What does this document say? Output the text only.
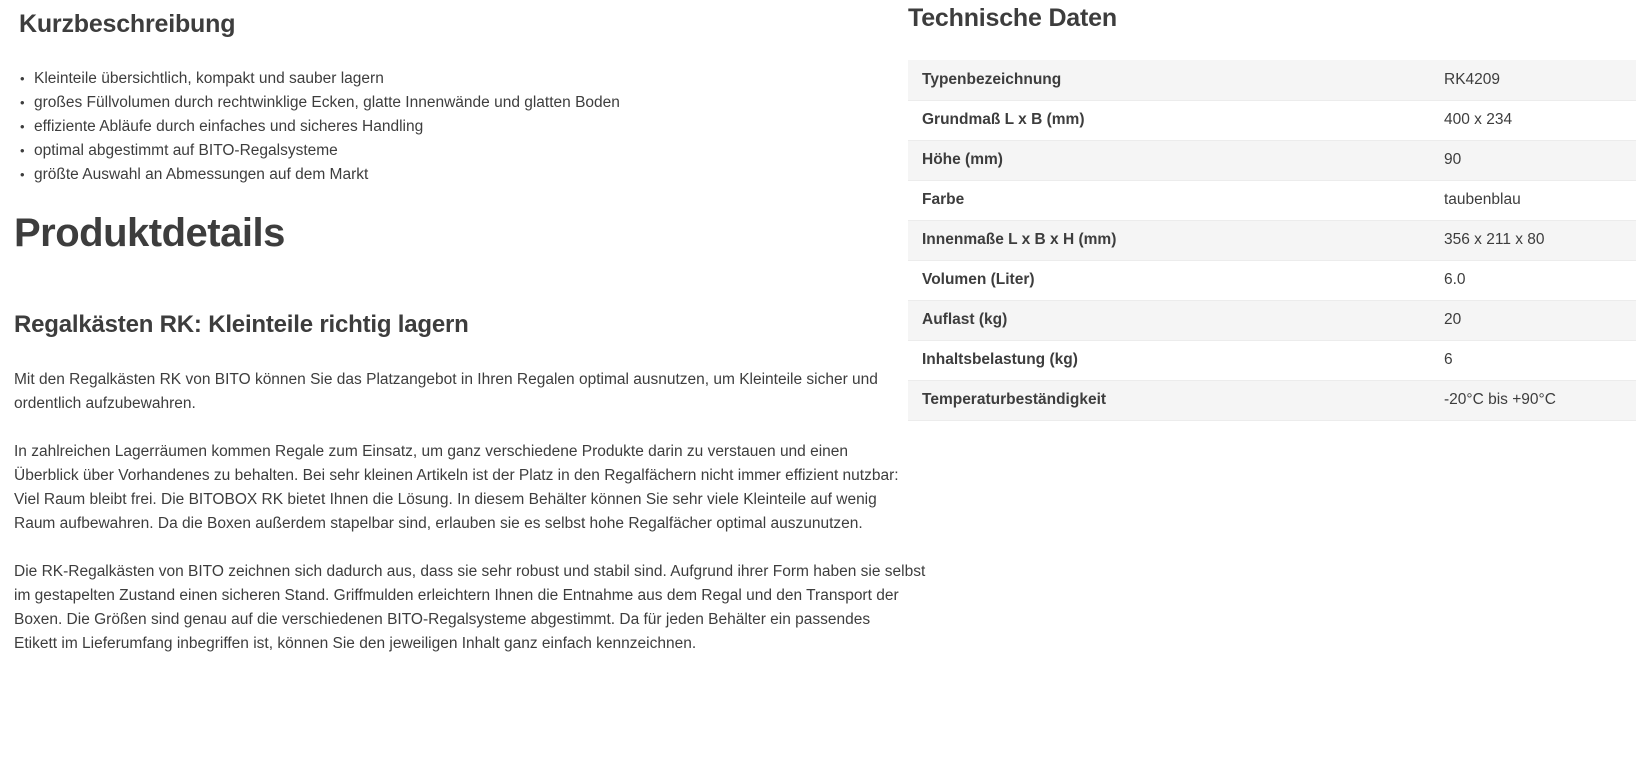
Kurzbeschreibung
• Kleinteile übersichtlich, kompakt und sauber lagern
• großes Füllvolumen durch rechtwinklige Ecken, glatte Innenwände und glatten Boden
• effiziente Abläufe durch einfaches und sicheres Handling
• optimal abgestimmt auf BITO-Regalsysteme
• größte Auswahl an Abmessungen auf dem Markt
Produktdetails
Regalkästen RK: Kleinteile richtig lagern

Mit den Regalkästen RK von BITO können Sie das Platzangebot in Ihren Regalen optimal ausnutzen, um Kleinteile sicher und
ordentlich aufzubewahren.

In zahlreichen Lagerräumen kommen Regale zum Einsatz, um ganz verschiedene Produkte darin zu verstauen und einen
Überblick über Vorhandenes zu behalten. Bei sehr kleinen Artikeln ist der Platz in den Regalfächern nicht immer effizient nutzbar:
Viel Raum bleibt frei. Die BITOBOX RK bietet Ihnen die Lösung. In diesem Behälter können Sie sehr viele Kleinteile auf wenig
Raum aufbewahren. Da die Boxen außerdem stapelbar sind, erlauben sie es selbst hohe Regalfächer optimal auszunutzen.

Die RK-Regalkästen von BITO zeichnen sich dadurch aus, dass sie sehr robust und stabil sind. Aufgrund ihrer Form haben sie selbst
im gestapelten Zustand einen sicheren Stand. Griffmulden erleichtern Ihnen die Entnahme aus dem Regal und den Transport der
Boxen. Die Größen sind genau auf die verschiedenen BITO-Regalsysteme abgestimmt. Da für jeden Behälter ein passendes
Etikett im Lieferumfang inbegriffen ist, können Sie den jeweiligen Inhalt ganz einfach kennzeichnen.

Technische Daten
Typenbezeichnung	RK4209
Grundmaß L x B (mm)	400 x 234
Höhe (mm)	90
Farbe	taubenblau
Innenmaße L x B x H (mm)	356 x 211 x 80
Volumen (Liter)	6.0
Auflast (kg)	20
Inhaltsbelastung (kg)	6
Temperaturbeständigkeit	-20°C bis +90°C
